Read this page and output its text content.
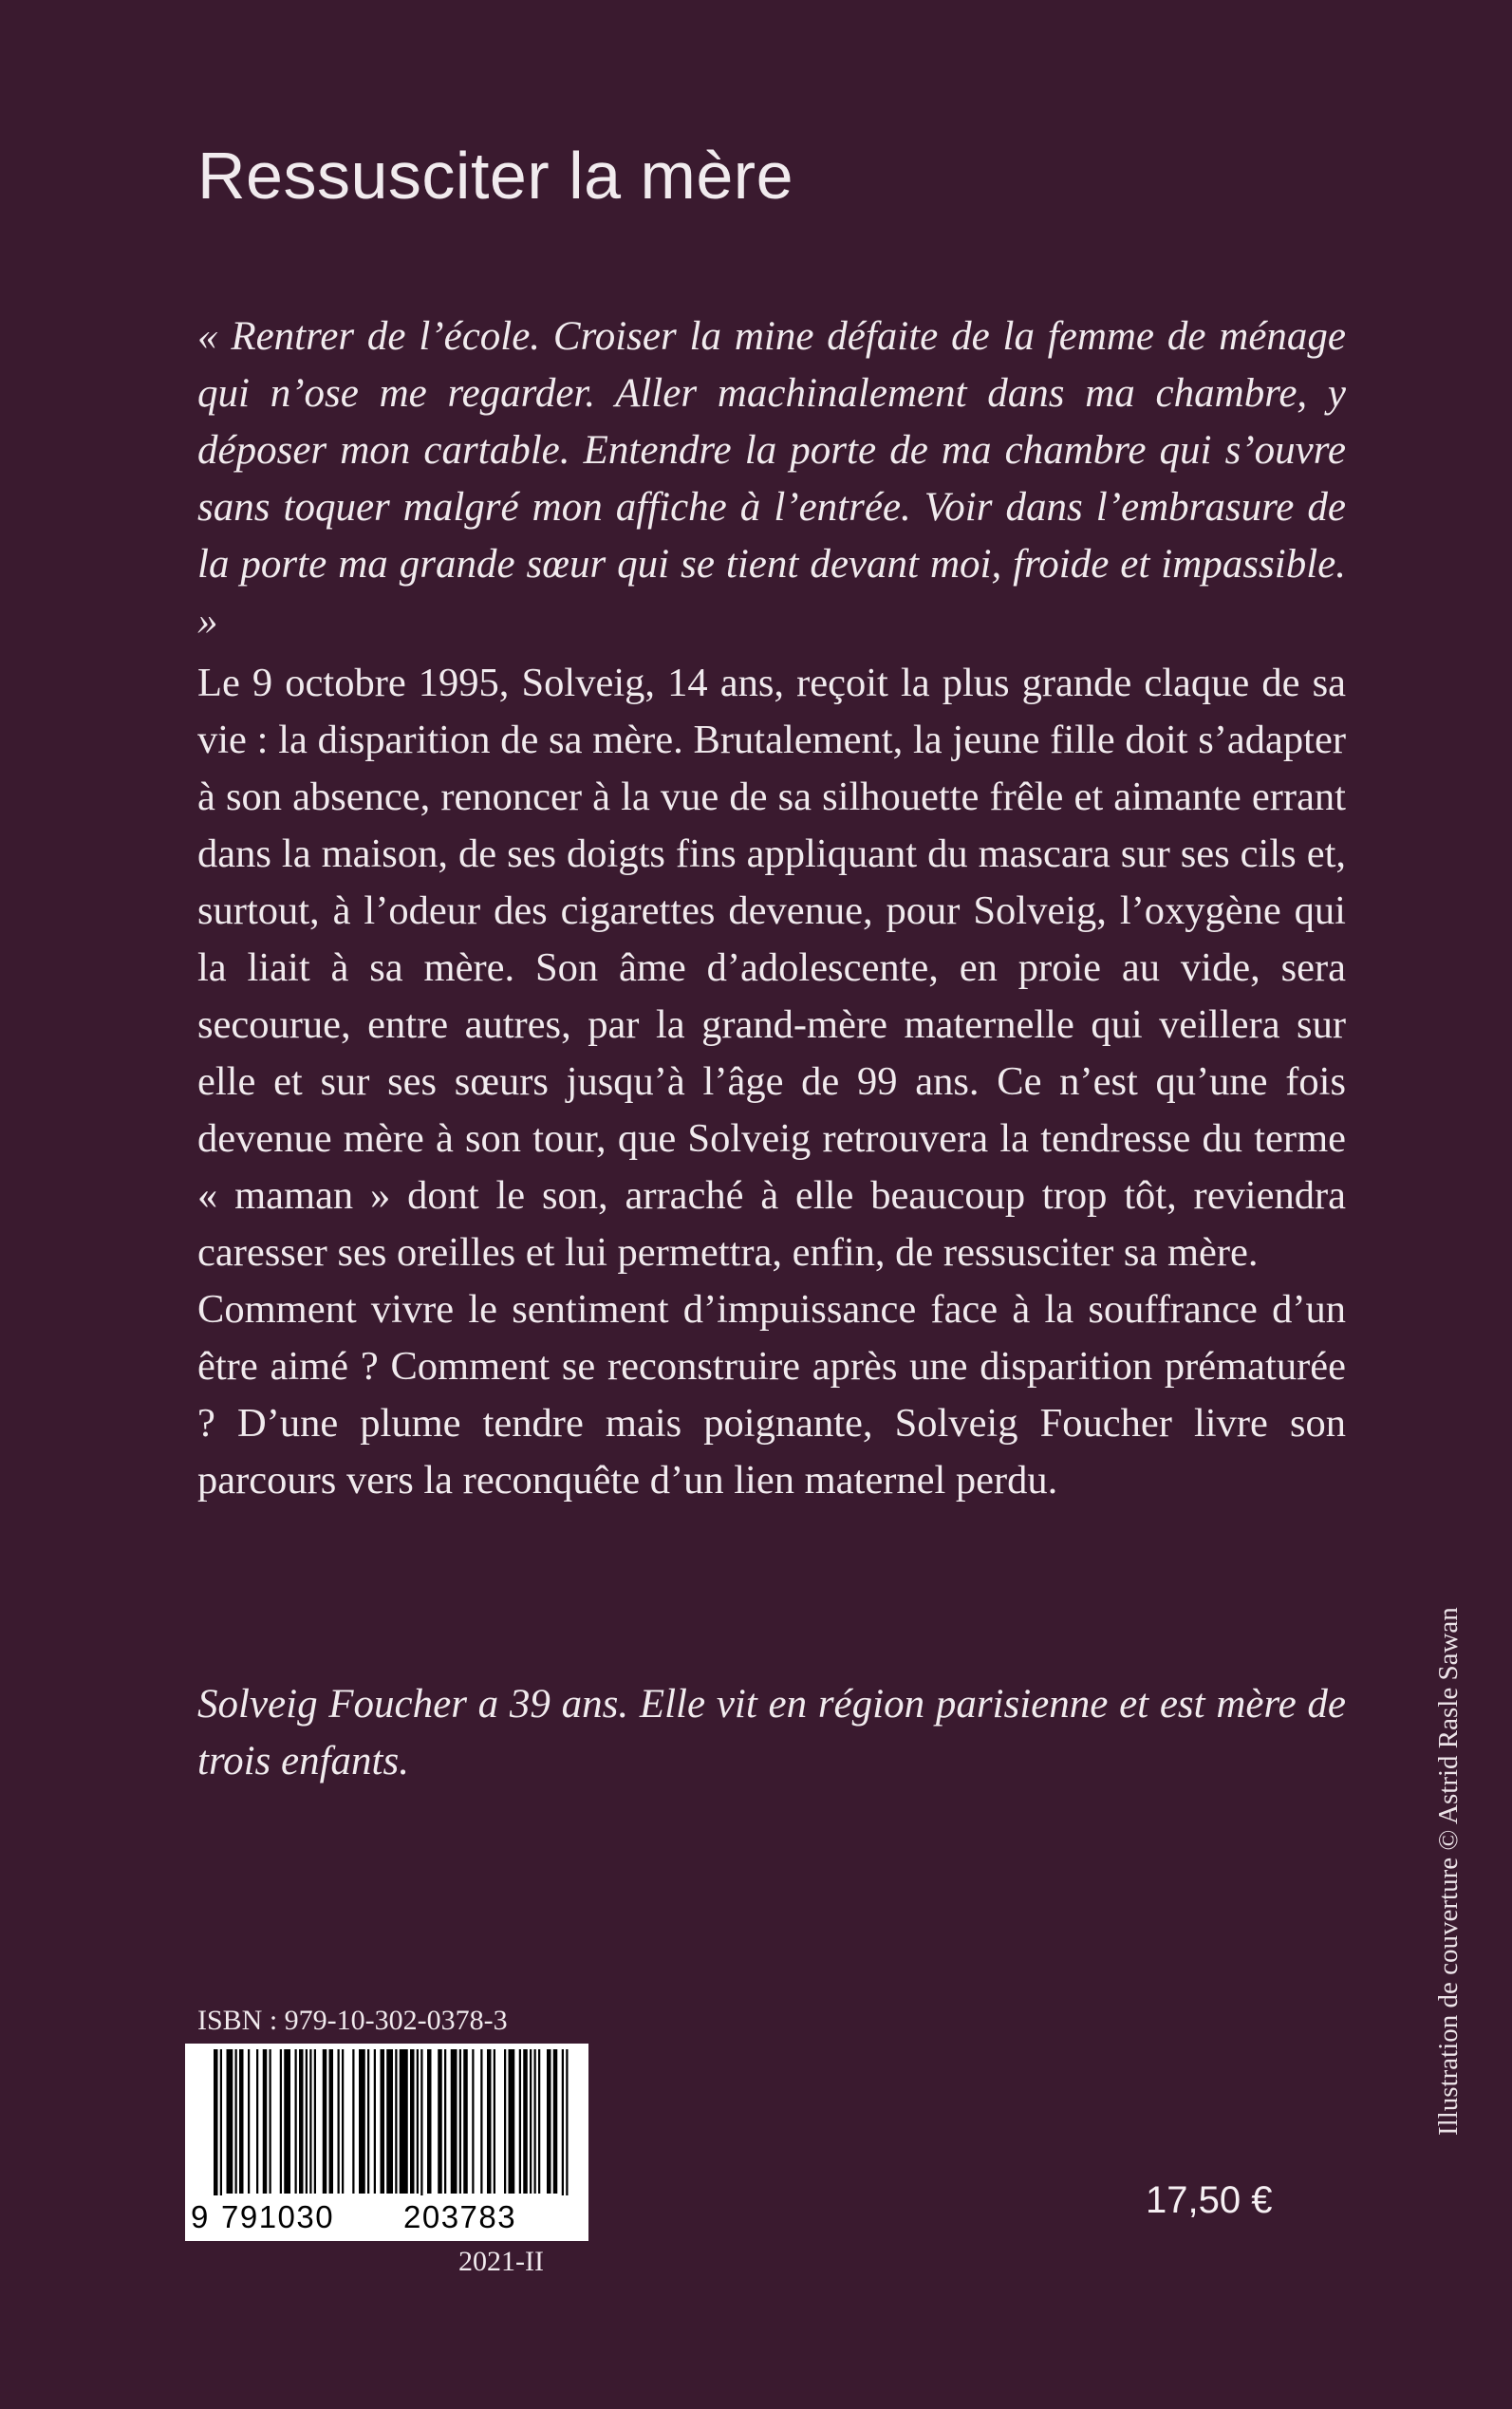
Ressusciter la mère

« Rentrer de l’école. Croiser la mine défaite de la femme de ménage qui n’ose me regarder. Aller machinalement dans ma chambre, y déposer mon cartable. Entendre la porte de ma chambre qui s’ouvre sans toquer malgré mon affiche à l’entrée. Voir dans l’embrasure de la porte ma grande sœur qui se tient devant moi, froide et impassible. »

Le 9 octobre 1995, Solveig, 14 ans, reçoit la plus grande claque de sa vie : la disparition de sa mère. Brutalement, la jeune fille doit s’adapter à son absence, renoncer à la vue de sa silhouette frêle et aimante errant dans la maison, de ses doigts fins appliquant du mascara sur ses cils et, surtout, à l’odeur des cigarettes devenue, pour Solveig, l’oxygène qui la liait à sa mère. Son âme d’adolescente, en proie au vide, sera secourue, entre autres, par la grand-mère maternelle qui veillera sur elle et sur ses sœurs jusqu’à l’âge de 99 ans. Ce n’est qu’une fois devenue mère à son tour, que Solveig retrouvera la tendresse du terme « maman » dont le son, arraché à elle beaucoup trop tôt, reviendra caresser ses oreilles et lui permettra, enfin, de ressusciter sa mère.
Comment vivre le sentiment d’impuissance face à la souffrance d’un être aimé ? Comment se reconstruire après une disparition prématurée ? D’une plume tendre mais poignante, Solveig Foucher livre son parcours vers la reconquête d’un lien maternel perdu.

Solveig Foucher a 39 ans. Elle vit en région parisienne et est mère de trois enfants.	Illustration de couverture © Astrid Rasle Sawan
ISBN : 979-10-302-0378-3
9 791030 203783
2021-II
17,50 €
